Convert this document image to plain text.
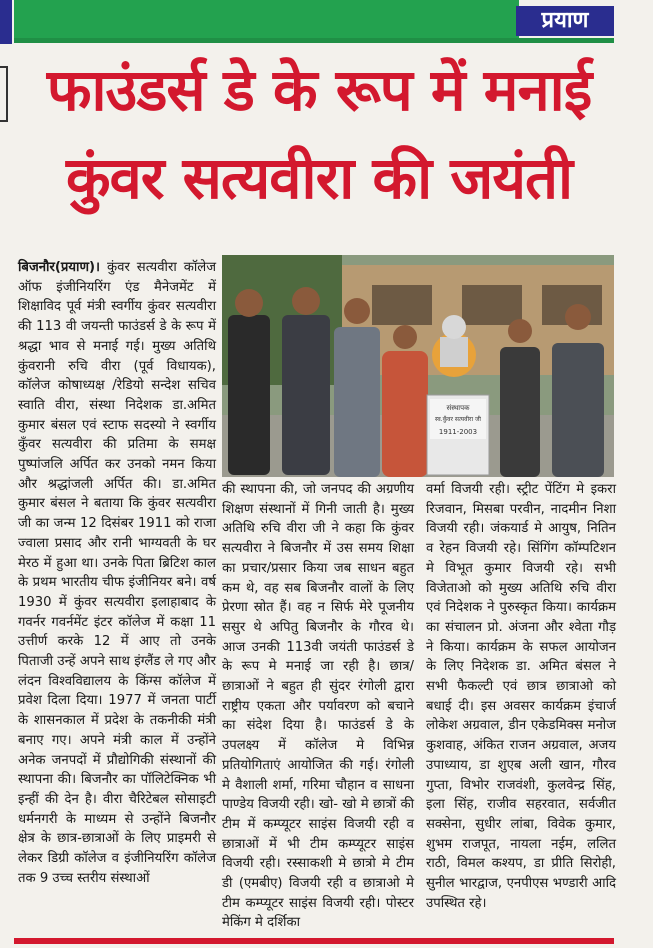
प्रयाण
फाउंडर्स डे के रूप में मनाई
कुंवर सत्यवीरा की जयंती
बिजनौर(प्रयाण)। कुंवर सत्यवीरा कॉलेज ऑफ इंजीनियरिंग एंड मैनेजमेंट में शिक्षाविद पूर्व मंत्री स्वर्गीय कुंवर सत्यवीरा की 113 वी जयन्ती फाउंडर्स डे के रूप में श्रद्धा भाव से मनाई गई। मुख्य अतिथि कुंवरानी रुचि वीरा (पूर्व विधायक), कॉलेज कोषाध्यक्ष /रेडियो सन्देश सचिव स्वाति वीरा, संस्था निदेशक डा.अमित कुमार बंसल एवं स्टाफ सदस्यो ने स्वर्गीय कुँवर सत्यवीरा की प्रतिमा के समक्ष पुष्पांजलि अर्पित कर उनको नमन किया और श्रद्धांजली अर्पित की। डा.अमित कुमार बंसल ने बताया कि कुंवर सत्यवीरा जी का जन्म 12 दिसंबर 1911 को राजा ज्वाला प्रसाद और रानी भाग्यवती के घर मेरठ में हुआ था। उनके पिता ब्रिटिश काल के प्रथम भारतीय चीफ इंजीनियर बने। वर्ष 1930 में कुंवर सत्यवीरा इलाहाबाद के गवर्नर गवर्नमेंट इंटर कॉलेज में कक्षा 11 उत्तीर्ण करके 12 में आए तो उनके पिताजी उन्हें अपने साथ इंग्लैंड ले गए और लंदन विश्वविद्यालय के किंग्स कॉलेज में प्रवेश दिला दिया। 1977 में जनता पार्टी के शासनकाल में प्रदेश के तकनीकी मंत्री बनाए गए। अपने मंत्री काल में उन्होंने अनेक जनपदों में प्रौद्योगिकी संस्थानों की स्थापना की। बिजनौर का पॉलिटेक्निक भी इन्हीं की देन है। वीरा चैरिटेबल सोसाइटी धर्मनगरी के माध्यम से उन्होंने बिजनौर क्षेत्र के छात्र-छात्राओं के लिए प्राइमरी से लेकर डिग्री कॉलेज व इंजीनियरिंग कॉलेज तक 9 उच्च स्तरीय संस्थाओं
संस्थापक
स्व.कुँवर सत्यवीरा जी
1911-2003
की स्थापना की, जो जनपद की अग्रणीय शिक्षण संस्थानों में गिनी जाती है। मुख्य अतिथि रुचि वीरा जी ने कहा कि कुंवर सत्यवीरा ने बिजनौर में उस समय शिक्षा का प्रचार/प्रसार किया जब साधन बहुत कम थे, वह सब बिजनौर वालों के लिए प्रेरणा स्रोत हैं। वह न सिर्फ मेरे पूजनीय ससुर थे अपितु बिजनौर के गौरव थे। आज उनकी 113वी जयंती फाउंडर्स डे के रूप मे मनाई जा रही है। छात्र/छात्राओं ने बहुत ही सुंदर रंगोली द्वारा राष्ट्रीय एकता और पर्यावरण को बचाने का संदेश दिया है। फाउंडर्स डे के उपलक्ष्य में कॉलेज मे विभिन्न प्रतियोगिताएं आयोजित की गई। रंगोली मे वैशाली शर्मा, गरिमा चौहान व साधना पाण्डेय विजयी रही। खो- खो मे छात्रों की टीम में कम्प्यूटर साइंस विजयी रही व छात्राओं में भी टीम कम्प्यूटर साइंस विजयी रही। रस्साकशी मे छात्रो मे टीम डी (एमबीए) विजयी रही व छात्राओ मे टीम कम्प्यूटर साइंस विजयी रही। पोस्टर मेकिंग मे दर्शिका
वर्मा विजयी रही। स्ट्रीट पेंटिंग मे इकरा रिजवान, मिसबा परवीन, नादमीन निशा विजयी रही। जंकयार्ड मे आयुष, नितिन व रेहन विजयी रहे। सिंगिंग कॉम्पटिशन मे विभूत कुमार विजयी रहे। सभी विजेताओ को मुख्य अतिथि रुचि वीरा एवं निदेशक ने पुरुस्कृत किया। कार्यक्रम का संचालन प्रो. अंजना और श्वेता गौड़ ने किया। कार्यक्रम के सफल आयोजन के लिए निदेशक डा. अमित बंसल ने सभी फैकल्टी एवं छात्र छात्राओ को बधाई दी। इस अवसर कार्यक्रम इंचार्ज लोकेश अग्रवाल, डीन एकेडमिक्स मनोज कुशवाह, अंकित राजन अग्रवाल, अजय उपाध्याय, डा शुएब अली खान, गौरव गुप्ता, विभोर राजवंशी, कुलवेन्द्र सिंह, इला सिंह, राजीव सहरवात, सर्वजीत सक्सेना, सुधीर लांबा, विवेक कुमार, शुभम राजपूत, नायला नईम, ललित राठी, विमल कश्यप, डा प्रीति सिरोही, सुनील भारद्वाज, एनपीएस भण्डारी आदि उपस्थित रहे।
